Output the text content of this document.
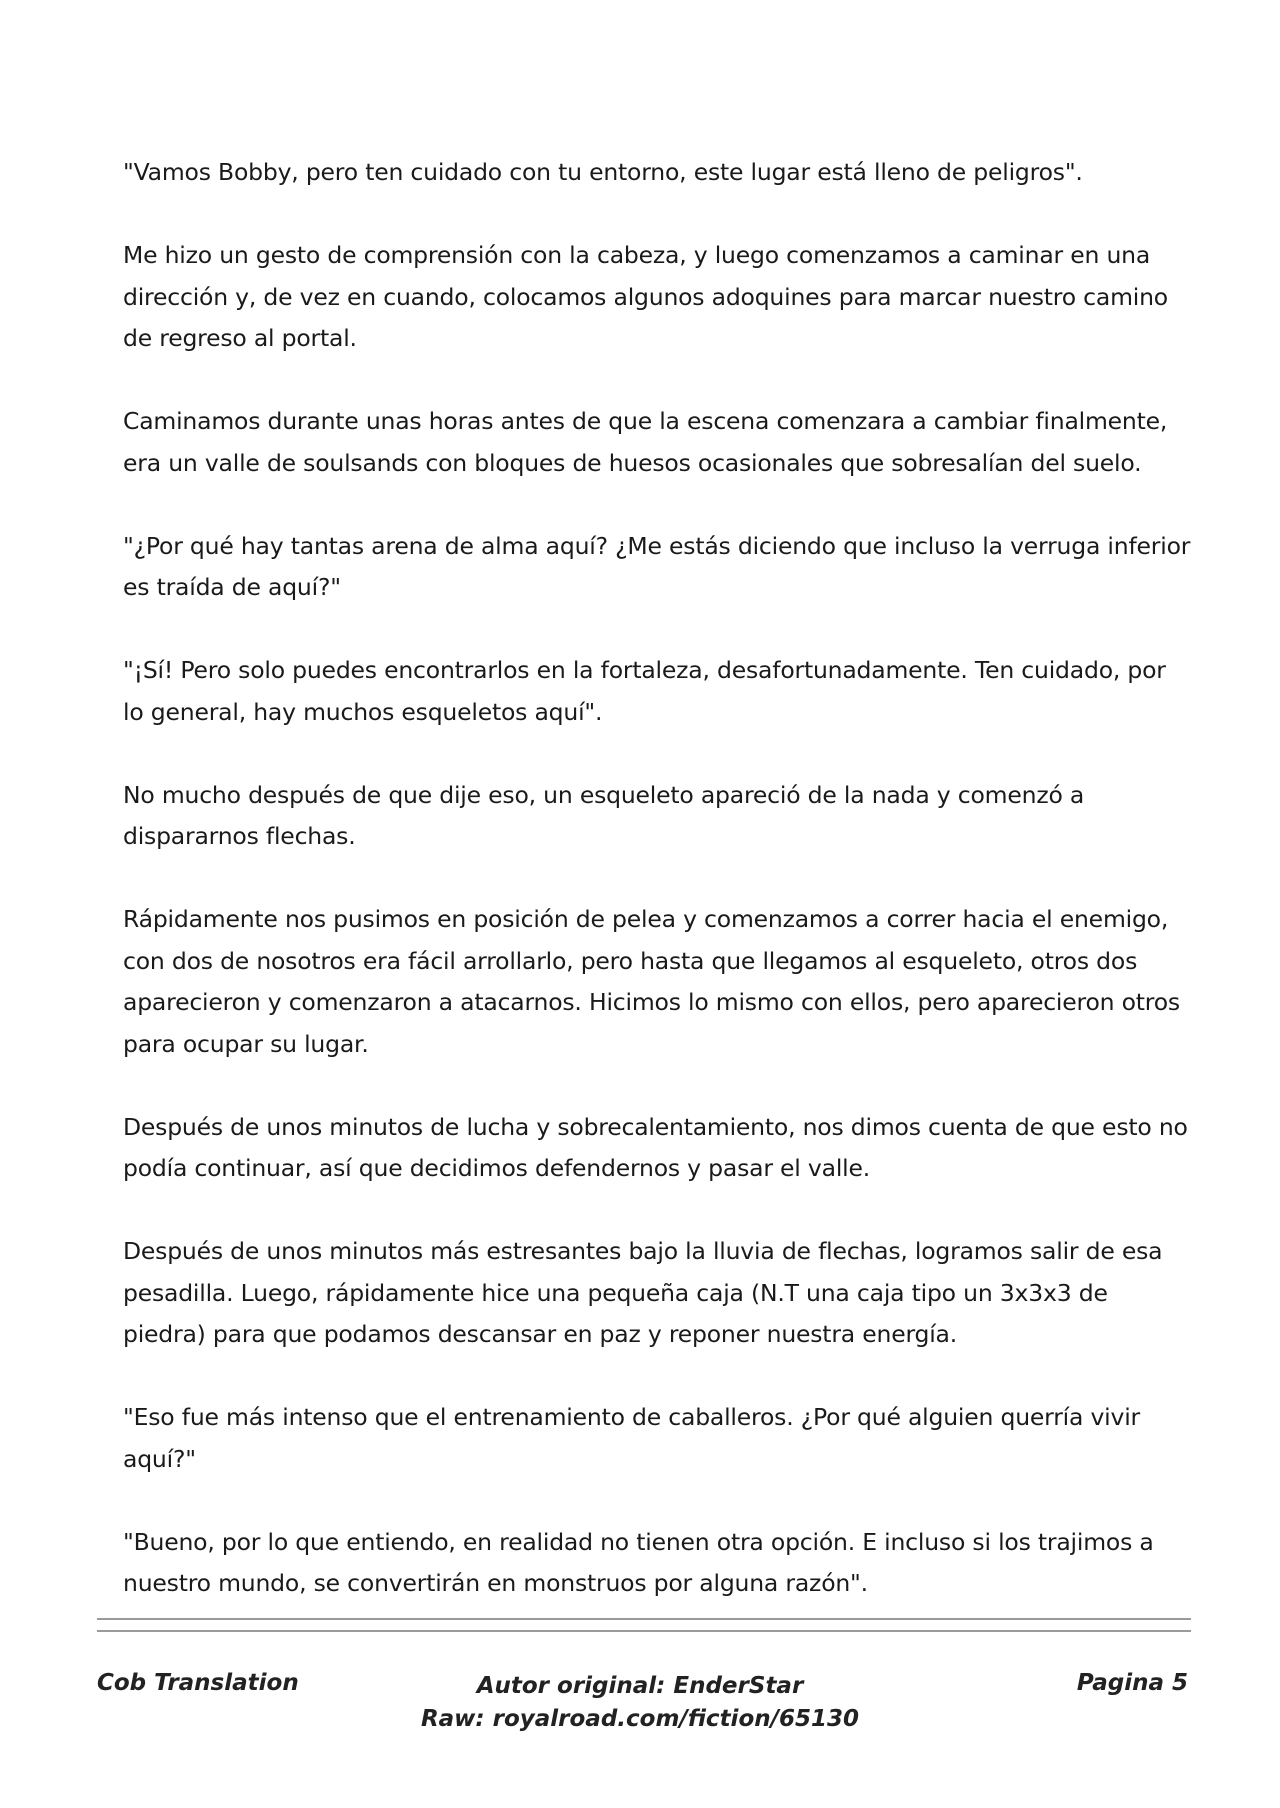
"Vamos Bobby, pero ten cuidado con tu entorno, este lugar está lleno de peligros".

Me hizo un gesto de comprensión con la cabeza, y luego comenzamos a caminar en una dirección y, de vez en cuando, colocamos algunos adoquines para marcar nuestro camino de regreso al portal.

Caminamos durante unas horas antes de que la escena comenzara a cambiar finalmente, era un valle de soulsands con bloques de huesos ocasionales que sobresalían del suelo.

"¿Por qué hay tantas arena de alma aquí? ¿Me estás diciendo que incluso la verruga inferior es traída de aquí?"

"¡Sí! Pero solo puedes encontrarlos en la fortaleza, desafortunadamente. Ten cuidado, por lo general, hay muchos esqueletos aquí".

No mucho después de que dije eso, un esqueleto apareció de la nada y comenzó a dispararnos flechas.

Rápidamente nos pusimos en posición de pelea y comenzamos a correr hacia el enemigo, con dos de nosotros era fácil arrollarlo, pero hasta que llegamos al esqueleto, otros dos aparecieron y comenzaron a atacarnos. Hicimos lo mismo con ellos, pero aparecieron otros para ocupar su lugar.

Después de unos minutos de lucha y sobrecalentamiento, nos dimos cuenta de que esto no podía continuar, así que decidimos defendernos y pasar el valle.

Después de unos minutos más estresantes bajo la lluvia de flechas, logramos salir de esa pesadilla. Luego, rápidamente hice una pequeña caja (N.T una caja tipo un 3x3x3 de piedra) para que podamos descansar en paz y reponer nuestra energía.

"Eso fue más intenso que el entrenamiento de caballeros. ¿Por qué alguien querría vivir aquí?"

"Bueno, por lo que entiendo, en realidad no tienen otra opción. E incluso si los trajimos a nuestro mundo, se convertirán en monstruos por alguna razón".

Cob Translation	Autor original: EnderStar
Raw: royalroad.com/fiction/65130
Pagina 5
